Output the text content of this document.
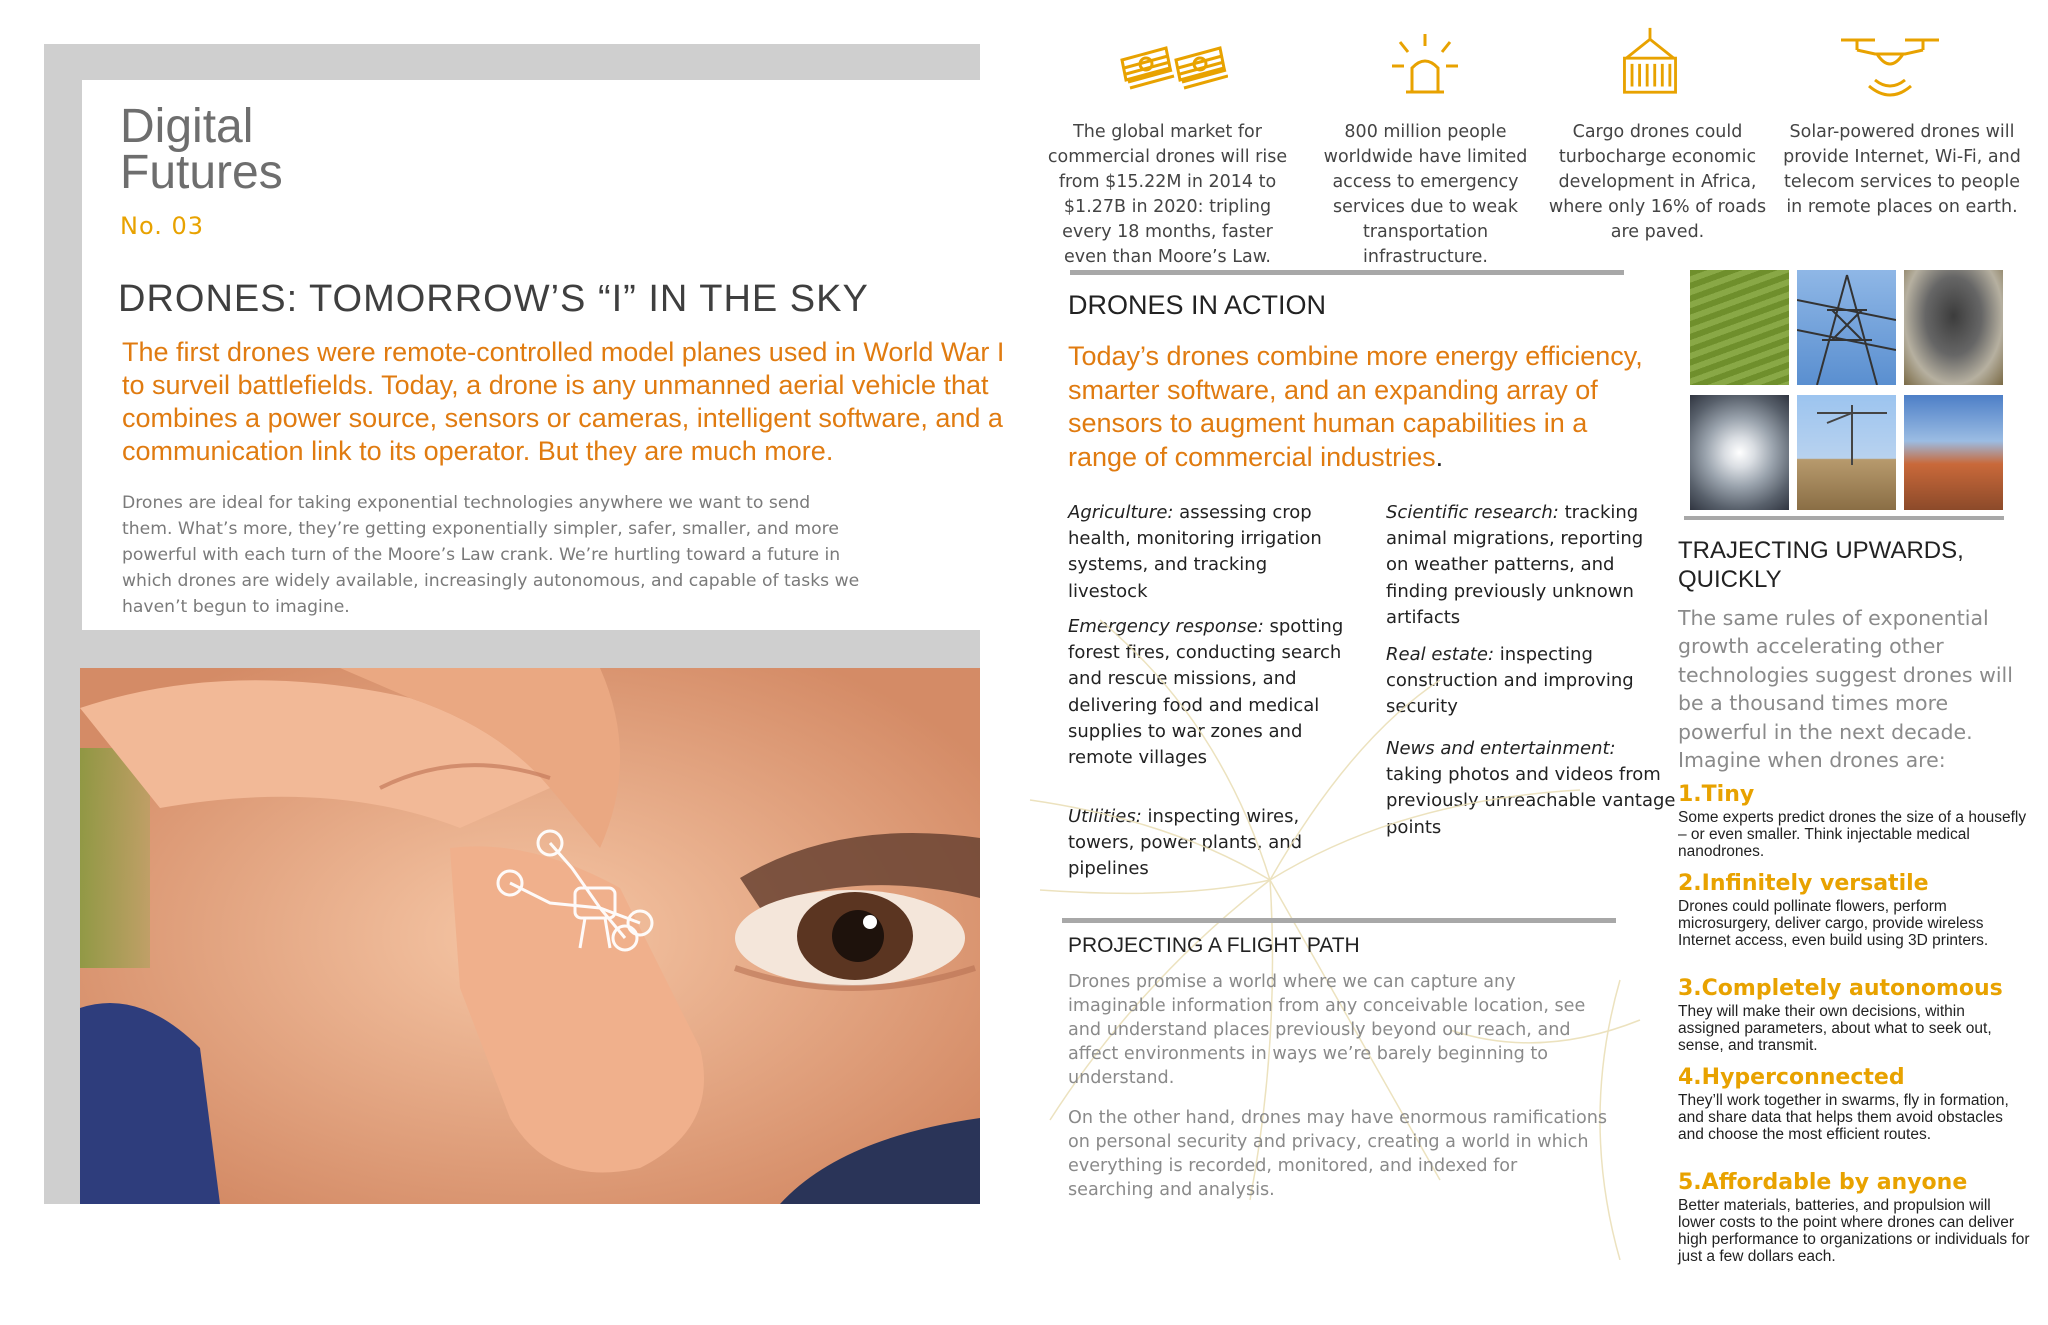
Digital
Futures
No. 03
DRONES: TOMORROW’S “I” IN THE SKY
The first drones were remote-controlled model planes used in World War I to surveil battlefields. Today, a drone is any unmanned aerial vehicle that combines a power source, sensors or cameras, intelligent software, and a communication link to its operator. But they are much more.
Drones are ideal for taking exponential technologies anywhere we want to send them. What’s more, they’re getting exponentially simpler, safer, smaller, and more powerful with each turn of the Moore’s Law crank. We’re hurtling toward a future in which drones are widely available, increasingly autonomous, and capable of tasks we haven’t begun to imagine.
The global market for commercial drones will rise from $15.22M in 2014 to $1.27B in 2020: tripling every 18 months, faster even than Moore’s Law.
800 million people worldwide have limited access to emergency services due to weak transportation infrastructure.
Cargo drones could turbocharge economic development in Africa, where only 16% of roads are paved.
Solar-powered drones will provide Internet, Wi-Fi, and telecom services to people in remote places on earth.
DRONES IN ACTION
Today’s drones combine more energy efficiency, smarter software, and an expanding array of sensors to augment human capabilities in a range of commercial industries.
Agriculture: assessing crop health, monitoring irrigation systems, and tracking livestock
Emergency response: spotting forest fires, conducting search and rescue missions, and delivering food and medical supplies to war zones and remote villages
Utilities: inspecting wires, towers, power plants, and pipelines
Scientific research: tracking animal migrations, reporting on weather patterns, and finding previously unknown artifacts
Real estate: inspecting construction and improving security
News and entertainment: taking photos and videos from previously unreachable vantage points
PROJECTING A FLIGHT PATH
Drones promise a world where we can capture any imaginable information from any conceivable location, see and understand places previously beyond our reach, and affect environments in ways we’re barely beginning to understand.
On the other hand, drones may have enormous ramifications on personal security and privacy, creating a world in which everything is recorded, monitored, and indexed for searching and analysis.
TRAJECTING UPWARDS,
QUICKLY
The same rules of exponential growth accelerating other technologies suggest drones will be a thousand times more powerful in the next decade. Imagine when drones are:
1.Tiny
Some experts predict drones the size of a housefly – or even smaller. Think injectable medical nanodrones.
2.Infinitely versatile
Drones could pollinate flowers, perform microsurgery, deliver cargo, provide wireless Internet access, even build using 3D printers.
3.Completely autonomous
They will make their own decisions, within assigned parameters, about what to seek out, sense, and transmit.
4.Hyperconnected
They’ll work together in swarms, fly in formation, and share data that helps them avoid obstacles and choose the most efficient routes.
5.Affordable by anyone
Better materials, batteries, and propulsion will lower costs to the point where drones can deliver high performance to organizations or individuals for just a few dollars each.
